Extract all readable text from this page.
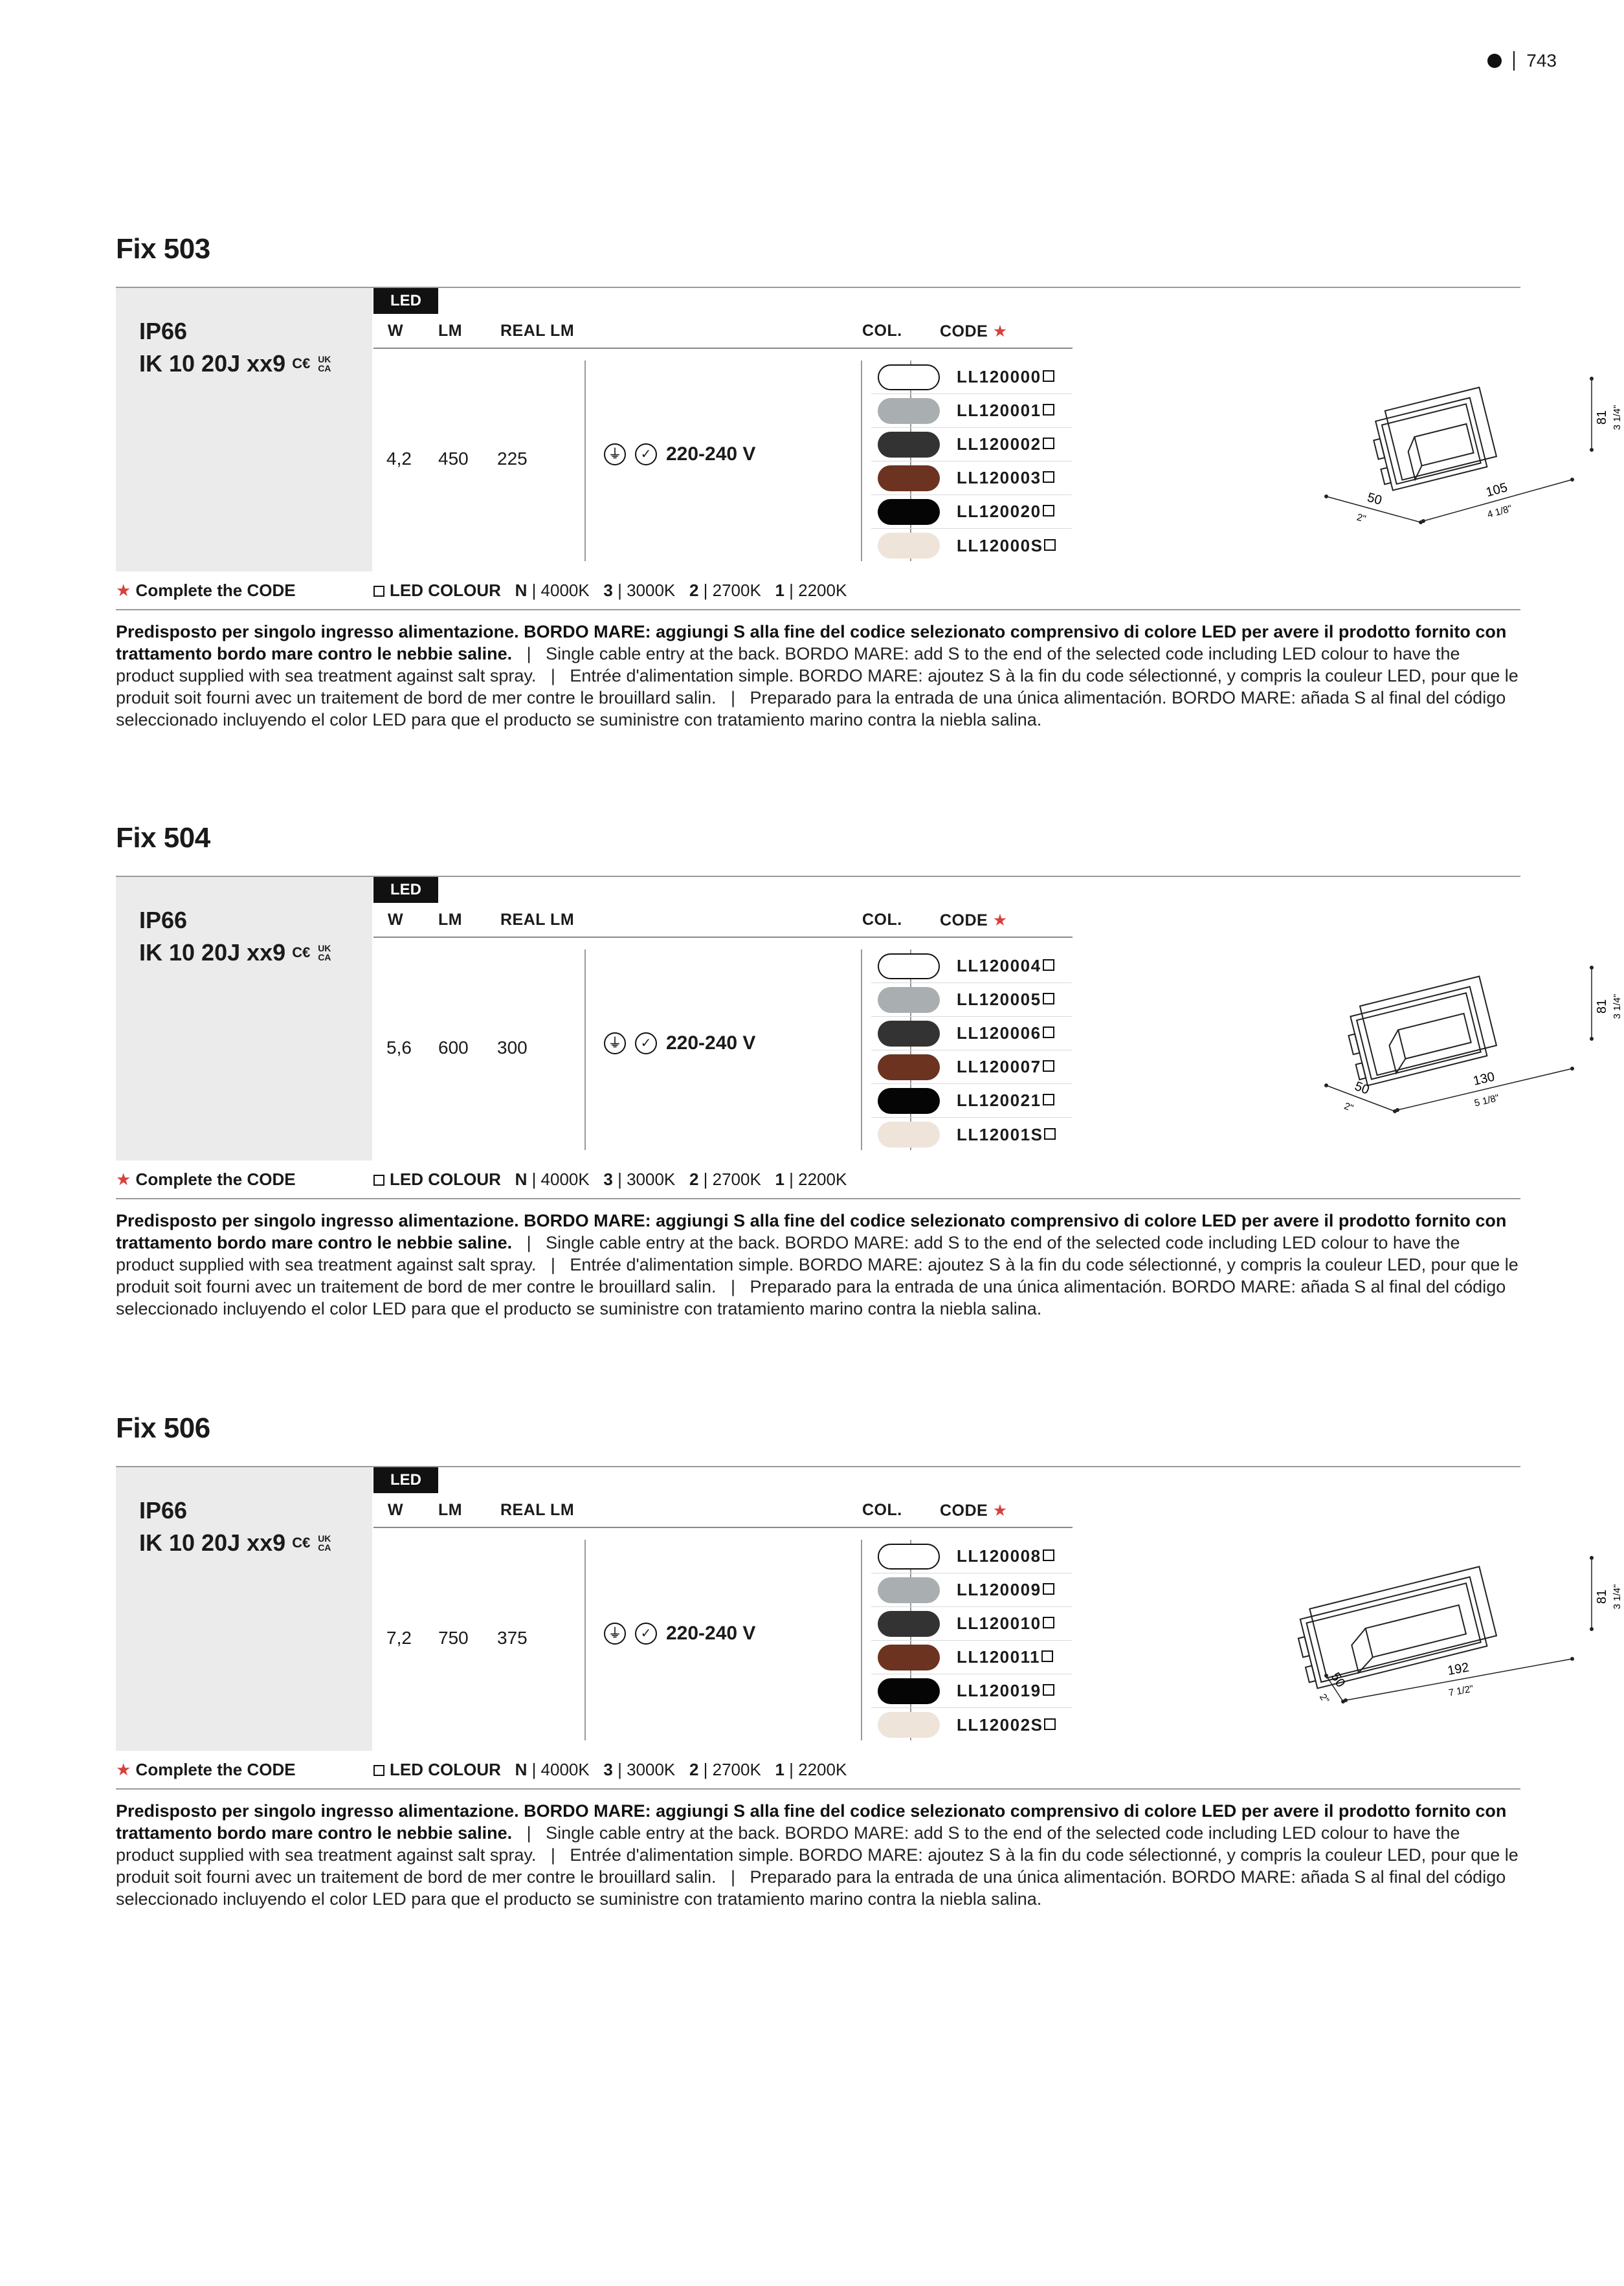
743
Fix 503
IP66
IK 10 20J xx9 C€ UK
CA
LED
W LM REAL LM	COL. CODE ★
4,2 450 225	⏚	✓ 220-240 V
LL120000
LL120001
LL120002
LL120003
LL120020
LL12000S
81 3 1/4"
105
4 1/8"
50
2"
★ Complete the CODE	LED COLOUR N | 4000K 3 | 3000K 2 | 2700K 1 | 2200K
Predisposto per singolo ingresso alimentazione. BORDO MARE: aggiungi S alla fine del codice selezionato comprensivo di colore LED per avere il prodotto fornito con trattamento bordo mare contro le nebbie saline.   |   Single cable entry at the back. BORDO MARE: add S to the end of the selected code including LED colour to have the product supplied with sea treatment against salt spray.   |   Entrée d'alimentation simple. BORDO MARE: ajoutez S à la fin du code sélectionné, y compris la couleur LED, pour que le produit soit fourni avec un traitement de bord de mer contre le brouillard salin.   |   Preparado para la entrada de una única alimentación. BORDO MARE: añada S al final del código seleccionado incluyendo el color LED para que el producto se suministre con tratamiento marino contra la niebla salina.
Fix 504
IP66
IK 10 20J xx9 C€ UK
CA
LED
W LM REAL LM	COL. CODE ★
5,6 600 300	⏚	✓ 220-240 V
LL120004
LL120005
LL120006
LL120007
LL120021
LL12001S
81 3 1/4"
130
5 1/8"
50
2"
★ Complete the CODE	LED COLOUR N | 4000K 3 | 3000K 2 | 2700K 1 | 2200K
Predisposto per singolo ingresso alimentazione. BORDO MARE: aggiungi S alla fine del codice selezionato comprensivo di colore LED per avere il prodotto fornito con trattamento bordo mare contro le nebbie saline.   |   Single cable entry at the back. BORDO MARE: add S to the end of the selected code including LED colour to have the product supplied with sea treatment against salt spray.   |   Entrée d'alimentation simple. BORDO MARE: ajoutez S à la fin du code sélectionné, y compris la couleur LED, pour que le produit soit fourni avec un traitement de bord de mer contre le brouillard salin.   |   Preparado para la entrada de una única alimentación. BORDO MARE: añada S al final del código seleccionado incluyendo el color LED para que el producto se suministre con tratamiento marino contra la niebla salina.
Fix 506
IP66
IK 10 20J xx9 C€ UK
CA
LED
W LM REAL LM	COL. CODE ★
7,2 750 375	⏚	✓ 220-240 V
LL120008
LL120009
LL120010
LL120011
LL120019
LL12002S
81 3 1/4"
192
7 1/2"
50
2"
★ Complete the CODE	LED COLOUR N | 4000K 3 | 3000K 2 | 2700K 1 | 2200K
Predisposto per singolo ingresso alimentazione. BORDO MARE: aggiungi S alla fine del codice selezionato comprensivo di colore LED per avere il prodotto fornito con trattamento bordo mare contro le nebbie saline.   |   Single cable entry at the back. BORDO MARE: add S to the end of the selected code including LED colour to have the product supplied with sea treatment against salt spray.   |   Entrée d'alimentation simple. BORDO MARE: ajoutez S à la fin du code sélectionné, y compris la couleur LED, pour que le produit soit fourni avec un traitement de bord de mer contre le brouillard salin.   |   Preparado para la entrada de una única alimentación. BORDO MARE: añada S al final del código seleccionado incluyendo el color LED para que el producto se suministre con tratamiento marino contra la niebla salina.
